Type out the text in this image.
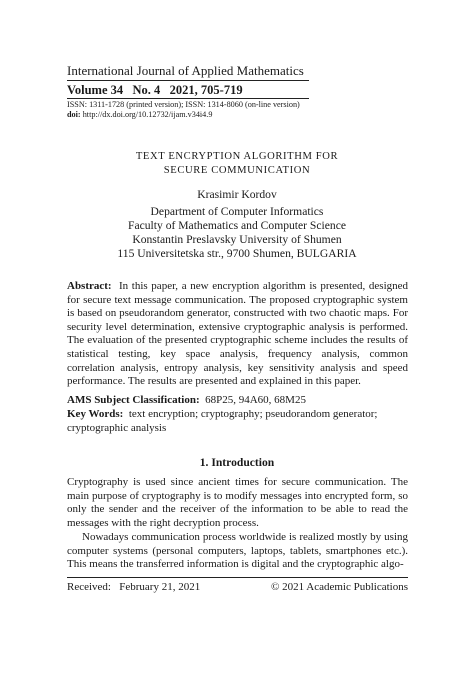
International Journal of Applied Mathematics
Volume 34   No. 4   2021, 705-719
ISSN: 1311-1728 (printed version); ISSN: 1314-8060 (on-line version)
doi: http://dx.doi.org/10.12732/ijam.v34i4.9
TEXT ENCRYPTION ALGORITHM FOR
SECURE COMMUNICATION
Krasimir Kordov
Department of Computer Informatics
Faculty of Mathematics and Computer Science
Konstantin Preslavsky University of Shumen
115 Universitetska str., 9700 Shumen, BULGARIA
Abstract: In this paper, a new encryption algorithm is presented, designed for secure text message communication. The proposed cryptographic system is based on pseudorandom generator, constructed with two chaotic maps. For security level determination, extensive cryptographic analysis is performed. The evaluation of the presented cryptographic scheme includes the results of statistical testing, key space analysis, frequency analysis, common correlation analysis, entropy analysis, key sensitivity analysis and speed performance. The results are presented and explained in this paper.
AMS Subject Classification: 68P25, 94A60, 68M25
Key Words: text encryption; cryptography; pseudorandom generator; cryptographic analysis
1. Introduction
Cryptography is used since ancient times for secure communication. The main purpose of cryptography is to modify messages into encrypted form, so only the sender and the receiver of the information to be able to read the messages with the right decryption process.
Nowadays communication process worldwide is realized mostly by using computer systems (personal computers, laptops, tablets, smartphones etc.). This means the transferred information is digital and the cryptographic algo-
Received: February 21, 2021	© 2021 Academic Publications
